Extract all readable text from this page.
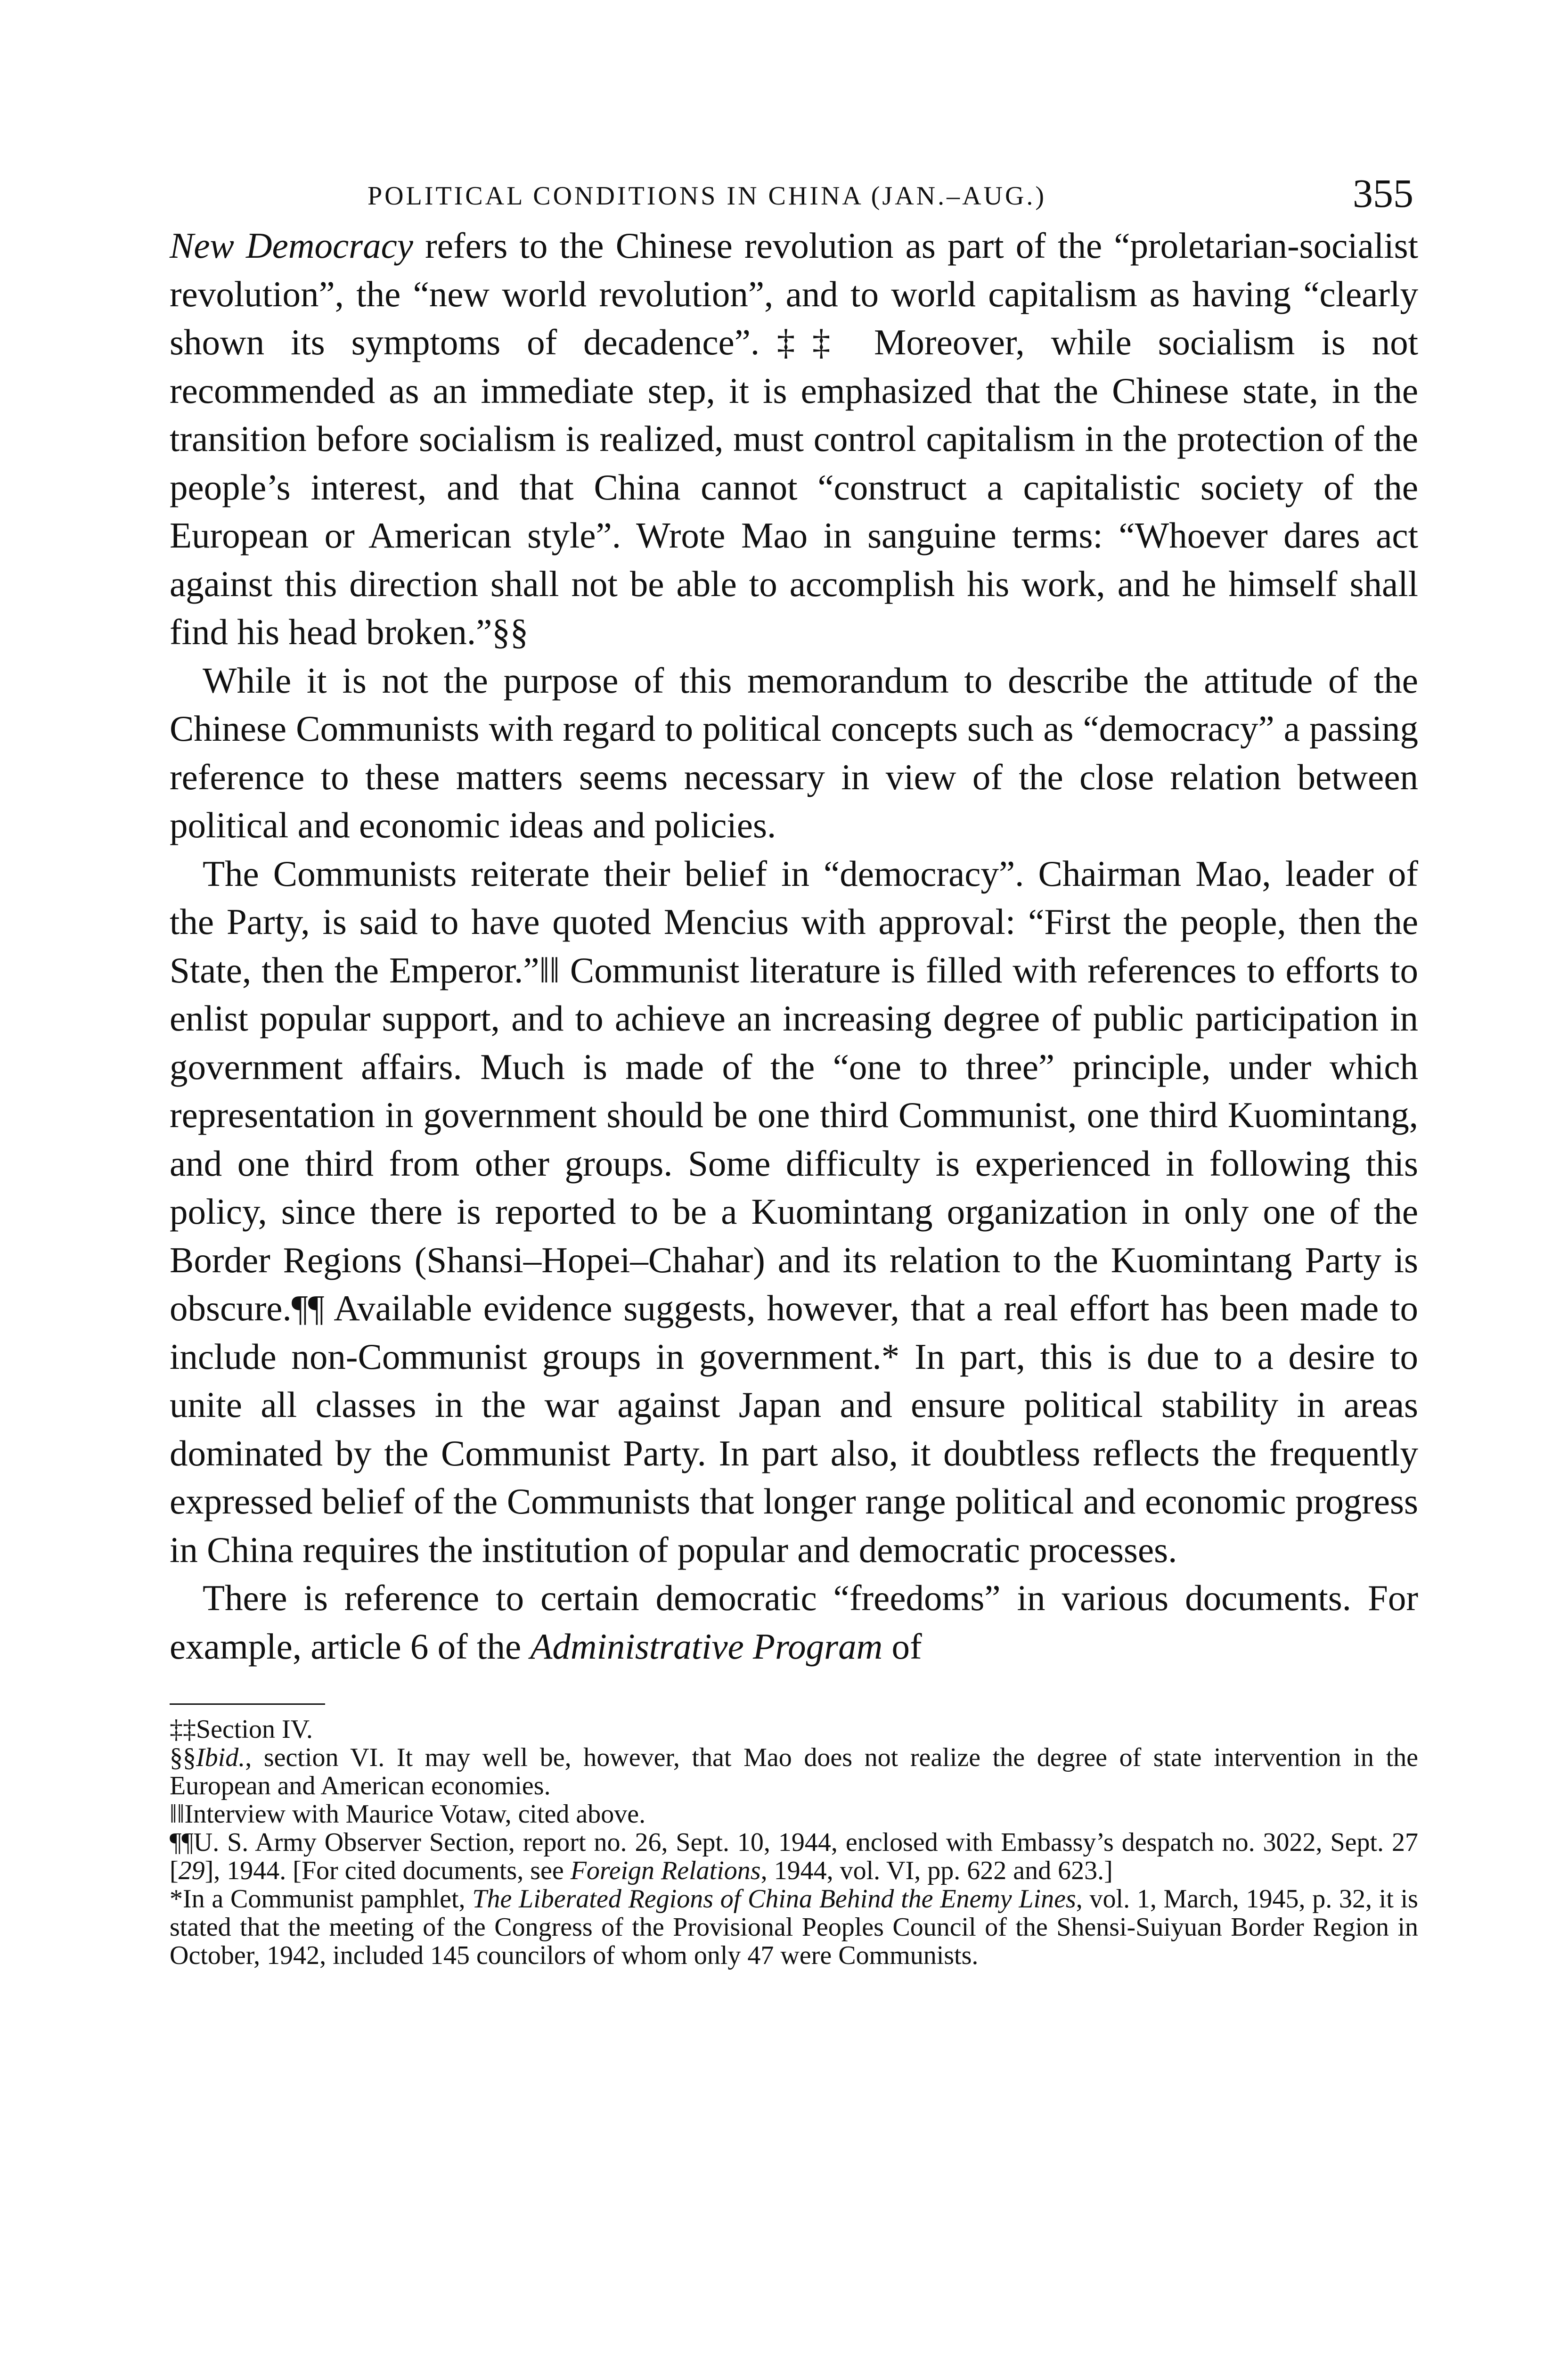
POLITICAL CONDITIONS IN CHINA (JAN.–AUG.)	355

New Democracy refers to the Chinese revolution as part of the “proletarian-socialist revolution”, the “new world revolution”, and to world capitalism as having “clearly shown its symptoms of decadence”.‡‡ Moreover, while socialism is not recommended as an immediate step, it is emphasized that the Chinese state, in the transition before socialism is realized, must control capitalism in the protection of the people’s interest, and that China cannot “construct a capitalistic society of the European or American style”. Wrote Mao in sanguine terms: “Whoever dares act against this direction shall not be able to accomplish his work, and he himself shall find his head broken.”§§

While it is not the purpose of this memorandum to describe the attitude of the Chinese Communists with regard to political concepts such as “democracy” a passing reference to these matters seems necessary in view of the close relation between political and economic ideas and policies.

The Communists reiterate their belief in “democracy”. Chairman Mao, leader of the Party, is said to have quoted Mencius with approval: “First the people, then the State, then the Emperor.”‖‖ Communist literature is filled with references to efforts to enlist popular support, and to achieve an increasing degree of public participation in government affairs. Much is made of the “one to three” principle, under which representation in government should be one third Communist, one third Kuomintang, and one third from other groups. Some difficulty is experienced in following this policy, since there is reported to be a Kuomintang organization in only one of the Border Regions (Shansi–Hopei–Chahar) and its relation to the Kuomintang Party is obscure.¶¶ Available evidence suggests, however, that a real effort has been made to include non-Communist groups in government.* In part, this is due to a desire to unite all classes in the war against Japan and ensure political stability in areas dominated by the Communist Party. In part also, it doubtless reflects the frequently expressed belief of the Communists that longer range political and economic progress in China requires the institution of popular and democratic processes.

There is reference to certain democratic “freedoms” in various documents. For example, article 6 of the Administrative Program of

‡‡Section IV.

§§Ibid., section VI. It may well be, however, that Mao does not realize the degree of state intervention in the European and American economies.

‖‖Interview with Maurice Votaw, cited above.

¶¶U. S. Army Observer Section, report no. 26, Sept. 10, 1944, enclosed with Embassy’s despatch no. 3022, Sept. 27 [29], 1944. [For cited documents, see Foreign Relations, 1944, vol. VI, pp. 622 and 623.]

*In a Communist pamphlet, The Liberated Regions of China Behind the Enemy Lines, vol. 1, March, 1945, p. 32, it is stated that the meeting of the Congress of the Provisional Peoples Council of the Shensi-Suiyuan Border Region in October, 1942, included 145 councilors of whom only 47 were Communists.
